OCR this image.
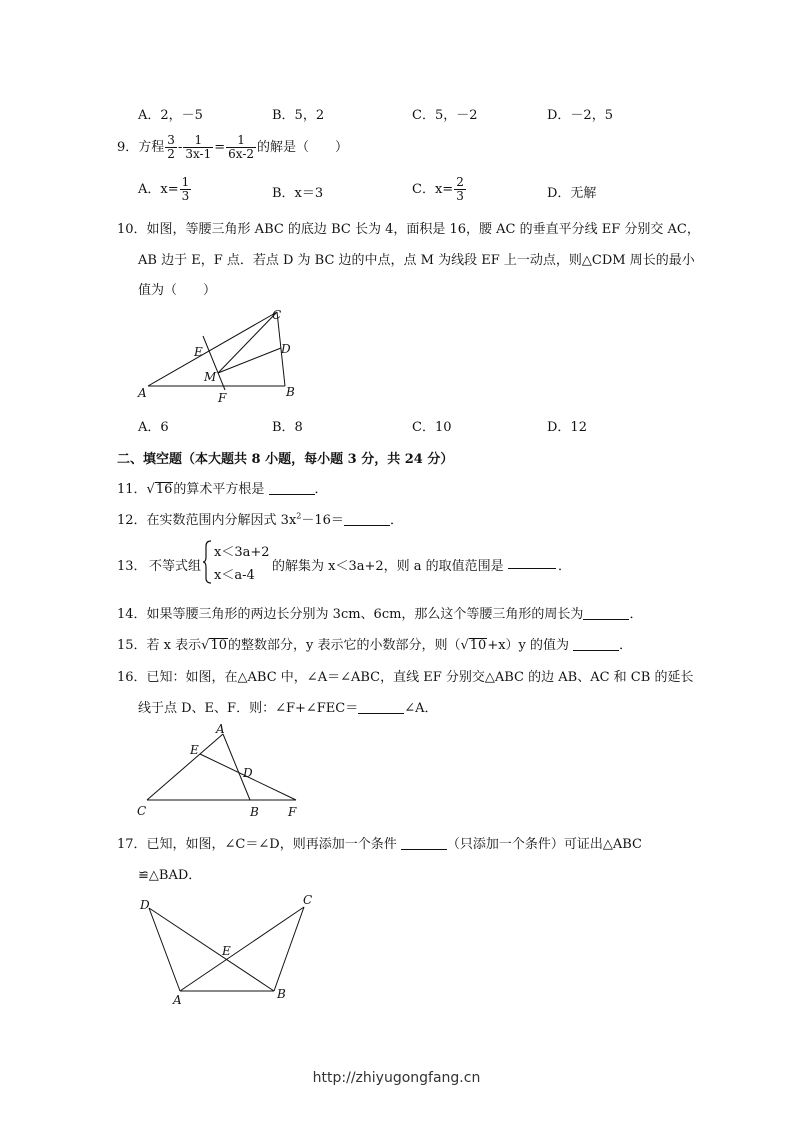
A．2，－5	B．5，2	C．5，－2	D．－2，5
9．方程 $\frac{3}{2} - \frac{1}{3x-1} = \frac{1}{6x-2}$ 的解是（　　）
A．$x= \frac{1}{3}$	B．x＝3	C．$x= \frac{2}{3}$	D．无解
10．如图，等腰三角形 ABC 的底边 BC 长为 4，面积是 16，腰 AC 的垂直平分线 EF 分别交 AC，
AB 边于 E，F 点．若点 D 为 BC 边的中点，点 M 为线段 EF 上一动点，则△CDM 周长的最小
值为（　　）
A	B
C
D
E
F
M
A．6	B．8	C．10	D．12
二、填空题（本大题共 8 小题，每小题 3 分，共 24 分）
11．√16的算术平方根是	．
12．在实数范围内分解因式 $3x^2-16=$	．
13． 不等式组
x＜3a+2
x＜a-4
的解集为 x＜3a+2，则 a 的取值范围是	．
14．如果等腰三角形的两边长分别为 3cm、6cm，那么这个等腰三角形的周长为	．
15．若 x 表示√10的整数部分，y 表示它的小数部分，则（√10+x）y 的值为	．
16．已知：如图，在△ABC 中，∠A＝∠ABC，直线 EF 分别交△ABC 的边 AB、AC 和 CB 的延长
线于点 D、E、F．则：∠F+∠FEC＝	∠A．
A
B
C
D
E
F
17．已知，如图，∠C＝∠D，则再添加一个条件	（只添加一个条件）可证出△ABC
≌△BAD．
D	C
E
A	B
http://zhiyugongfang.cn
